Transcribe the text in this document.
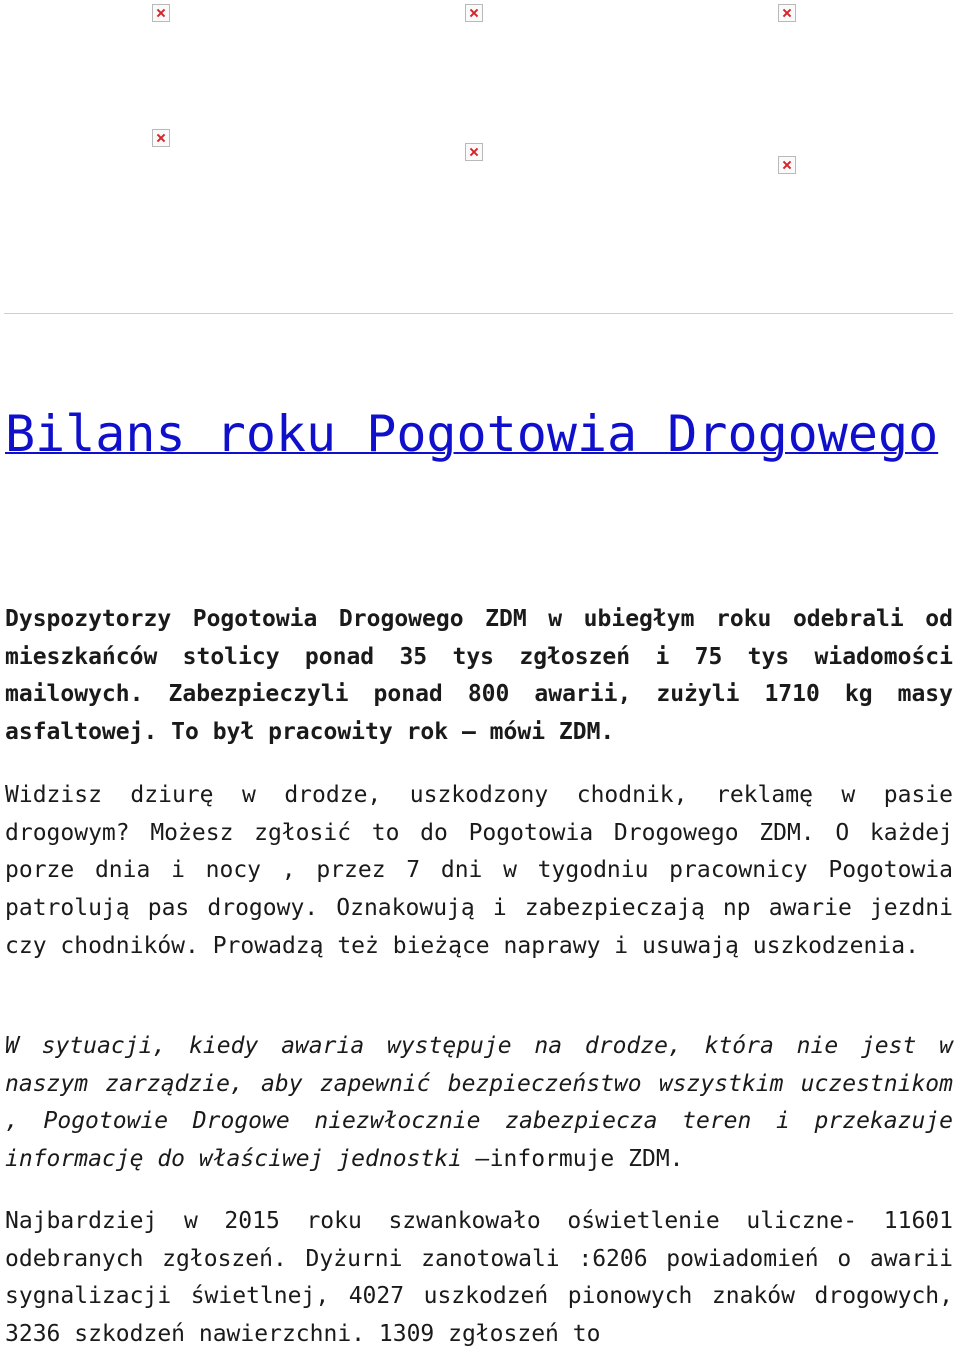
Bilans roku Pogotowia Drogowego

Dyspozytorzy Pogotowia Drogowego ZDM w ubiegłym roku odebrali od mieszkańców stolicy ponad 35 tys zgłoszeń i 75 tys wiadomości mailowych. Zabezpieczyli ponad 800 awarii, zużyli 1710 kg masy asfaltowej. To był pracowity rok – mówi ZDM.

Widzisz dziurę w drodze, uszkodzony chodnik, reklamę w pasie drogowym? Możesz zgłosić to do Pogotowia Drogowego ZDM. O każdej porze dnia i nocy , przez 7 dni w tygodniu pracownicy Pogotowia patrolują pas drogowy. Oznakowują i zabezpieczają np awarie jezdni czy chodników. Prowadzą też bieżące naprawy i usuwają uszkodzenia.

W sytuacji, kiedy awaria występuje na drodze, która nie jest w naszym zarządzie, aby zapewnić bezpieczeństwo wszystkim uczestnikom , Pogotowie Drogowe niezwłocznie zabezpiecza teren i przekazuje informację do właściwej jednostki –informuje ZDM.

Najbardziej w 2015 roku szwankowało oświetlenie uliczne- 11601 odebranych zgłoszeń. Dyżurni zanotowali :6206 powiadomień o awarii sygnalizacji świetlnej, 4027 uszkodzeń pionowych znaków drogowych, 3236 szkodzeń nawierzchni. 1309 zgłoszeń to
